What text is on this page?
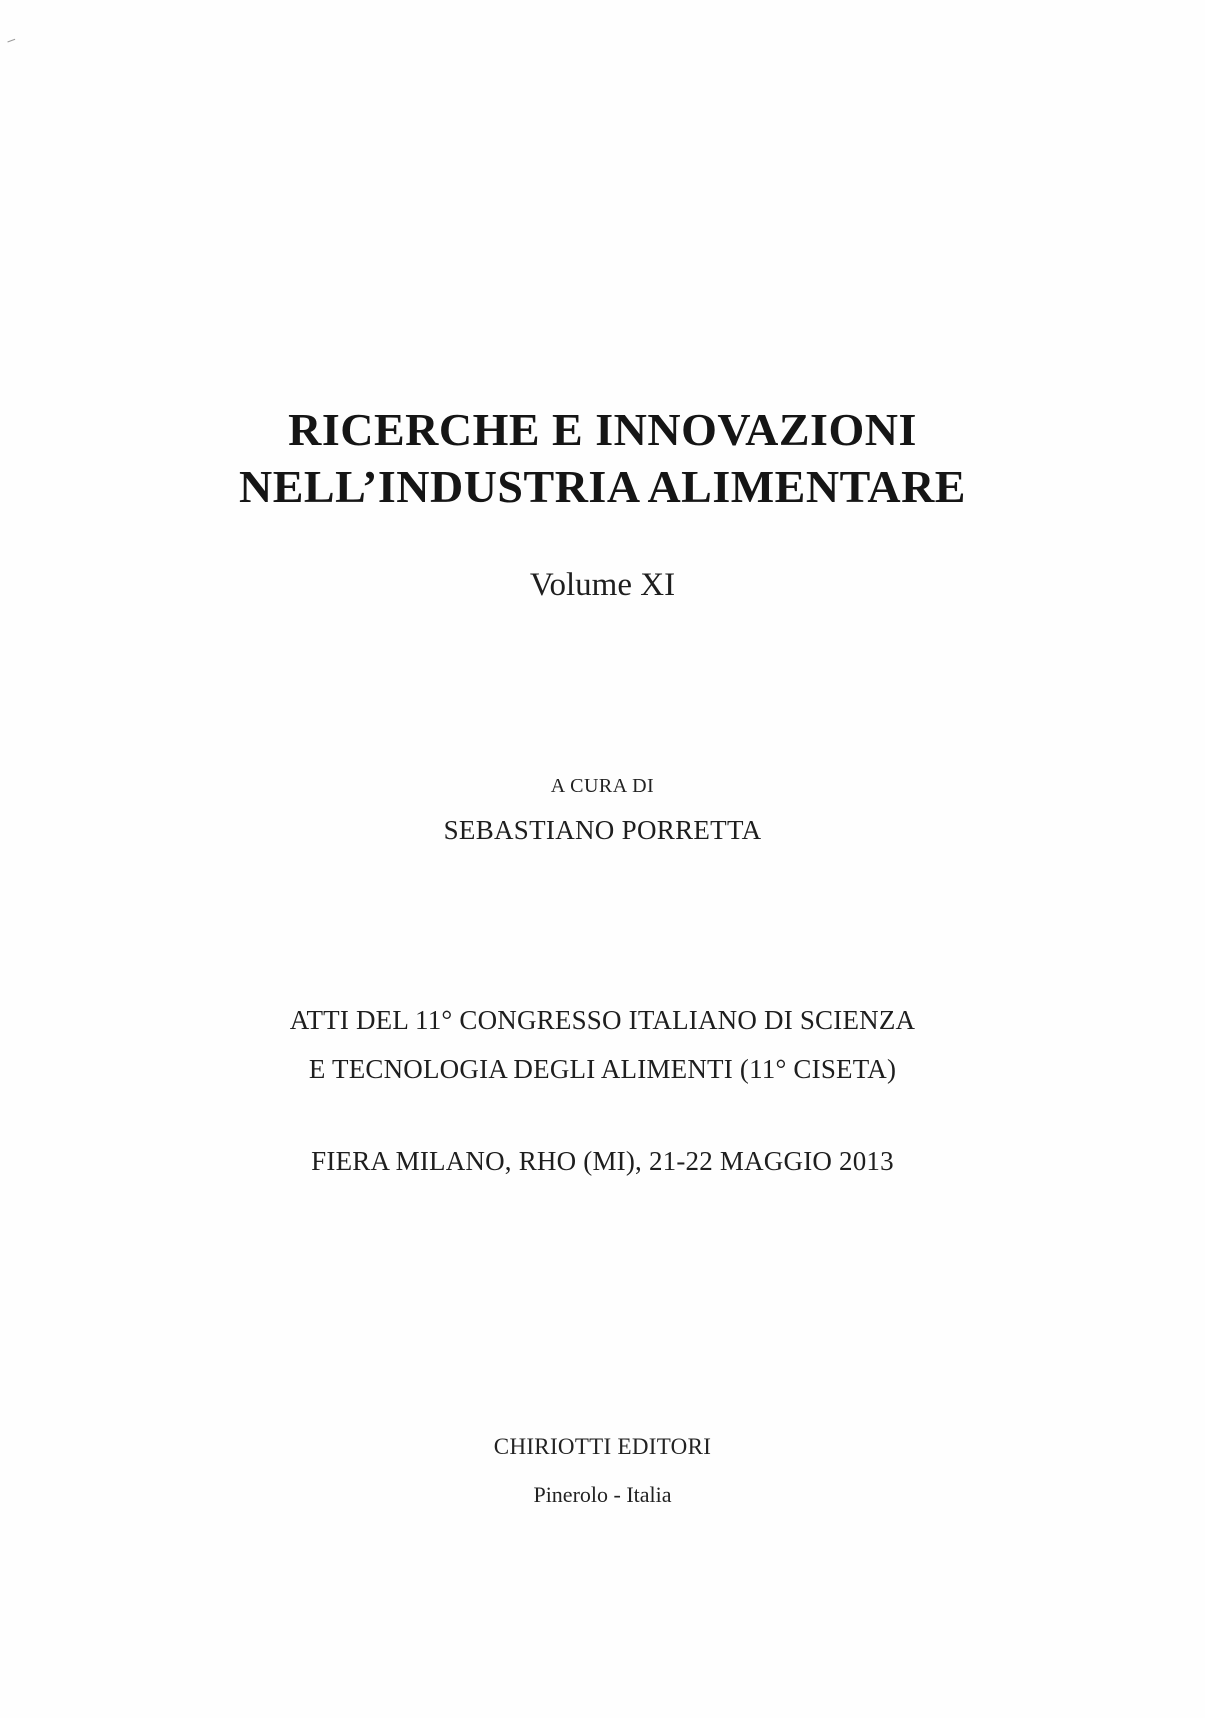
RICERCHE E INNOVAZIONI
NELL’INDUSTRIA ALIMENTARE

Volume XI

A CURA DI

SEBASTIANO PORRETTA

ATTI DEL 11° CONGRESSO ITALIANO DI SCIENZA

E TECNOLOGIA DEGLI ALIMENTI (11° CISETA)

FIERA MILANO, RHO (MI), 21-22 MAGGIO 2013

CHIRIOTTI EDITORI

Pinerolo - Italia
